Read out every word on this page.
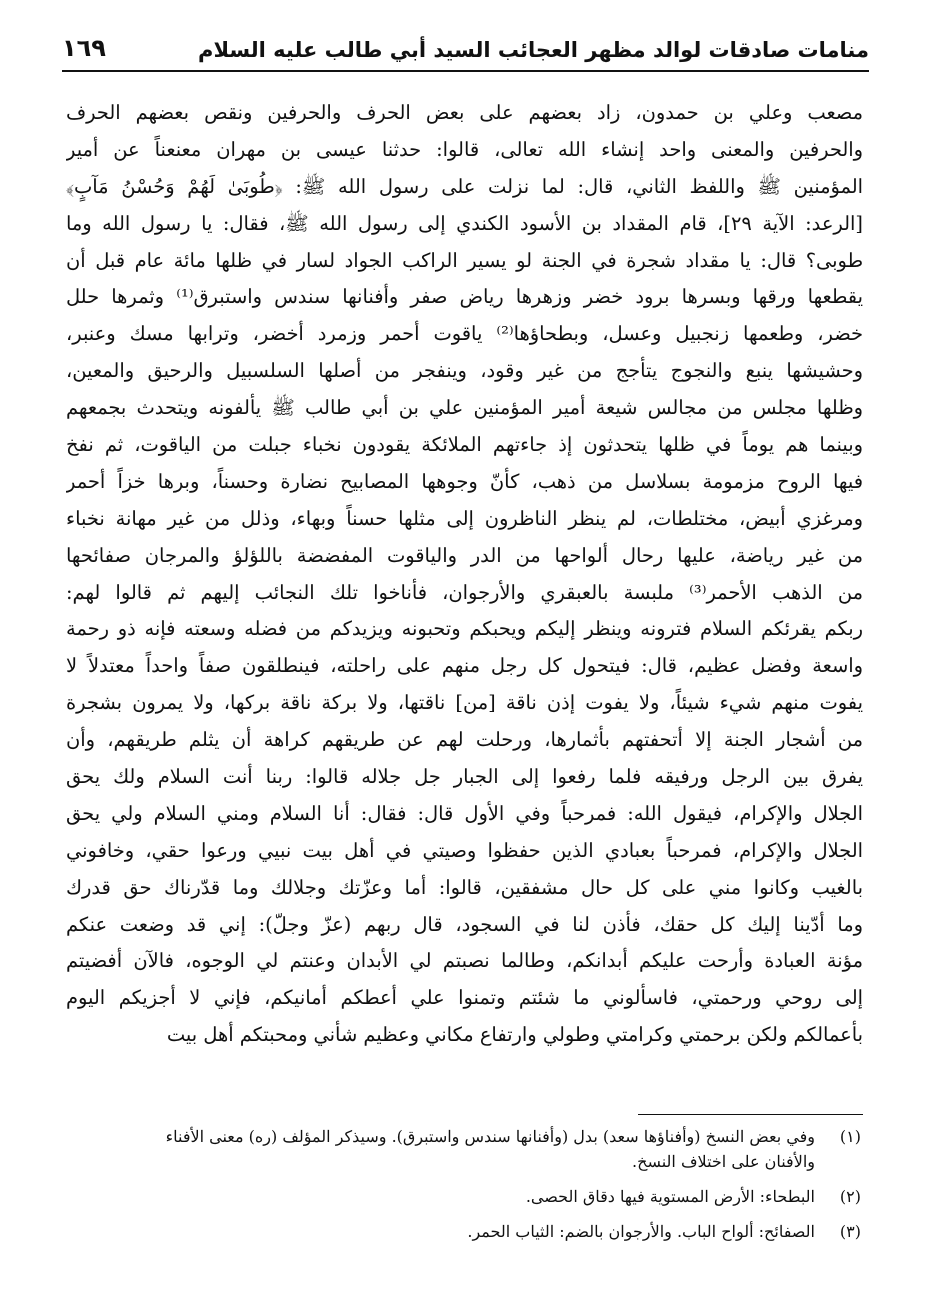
منامات صادقات لوالد مظهر العجائب السيد أبي طالب عليه السلام
١٦٩
مصعب وعلي بن حمدون، زاد بعضهم على بعض الحرف والحرفين ونقص بعضهم الحرف
والحرفين والمعنى واحد إنشاء الله تعالى، قالوا: حدثنا عيسى بن مهران معنعناً عن أمير
المؤمنين ﷺ واللفظ الثاني، قال: لما نزلت على رسول الله ﷺ: ﴿طُوبَىٰ لَهُمْ وَحُسْنُ مَآبٍ﴾
[الرعد: الآية ٢٩]، قام المقداد بن الأسود الكندي إلى رسول الله ﷺ، فقال: يا رسول الله وما
طوبى؟ قال: يا مقداد شجرة في الجنة لو يسير الراكب الجواد لسار في ظلها مائة عام قبل أن
يقطعها ورقها وبسرها برود خضر وزهرها رياض صفر وأفنانها سندس واستبرق⁽¹⁾ وثمرها حلل
خضر، وطعمها زنجبيل وعسل، وبطحاؤها⁽²⁾ ياقوت أحمر وزمرد أخضر، وترابها مسك وعنبر،
وحشيشها ينبع والنجوج يتأجج من غير وقود، وينفجر من أصلها السلسبيل والرحيق والمعين،
وظلها مجلس من مجالس شيعة أمير المؤمنين علي بن أبي طالب ﷺ يألفونه ويتحدث بجمعهم
وبينما هم يوماً في ظلها يتحدثون إذ جاءتهم الملائكة يقودون نخباء جبلت من الياقوت، ثم نفخ
فيها الروح مزمومة بسلاسل من ذهب، كأنّ وجوهها المصابيح نضارة وحسناً، وبرها خزاً أحمر
ومرغزي أبيض، مختلطات، لم ينظر الناظرون إلى مثلها حسناً وبهاء، وذلل من غير مهانة نخباء
من غير رياضة، عليها رحال ألواحها من الدر والياقوت المفضضة باللؤلؤ والمرجان صفائحها
من الذهب الأحمر⁽³⁾ ملبسة بالعبقري والأرجوان، فأناخوا تلك النجائب إليهم ثم قالوا لهم:
ربكم يقرئكم السلام فترونه وينظر إليكم ويحبكم وتحبونه ويزيدكم من فضله وسعته فإنه ذو رحمة
واسعة وفضل عظيم، قال: فيتحول كل رجل منهم على راحلته، فينطلقون صفاً واحداً معتدلاً لا
يفوت منهم شيء شيئاً، ولا يفوت إذن ناقة [من] ناقتها، ولا بركة ناقة بركها، ولا يمرون بشجرة
من أشجار الجنة إلا أتحفتهم بأثمارها، ورحلت لهم عن طريقهم كراهة أن يثلم طريقهم، وأن
يفرق بين الرجل ورفيقه فلما رفعوا إلى الجبار جل جلاله قالوا: ربنا أنت السلام ولك يحق
الجلال والإكرام، فيقول الله: فمرحباً وفي الأول قال: فقال: أنا السلام ومني السلام ولي يحق
الجلال والإكرام، فمرحباً بعبادي الذين حفظوا وصيتي في أهل بيت نبيي ورعوا حقي، وخافوني
بالغيب وكانوا مني على كل حال مشفقين، قالوا: أما وعزّتك وجلالك وما قدّرناك حق قدرك
وما أدّينا إليك كل حقك، فأذن لنا في السجود، قال ربهم (عزّ وجلّ): إني قد وضعت عنكم
مؤنة العبادة وأرحت عليكم أبدانكم، وطالما نصبتم لي الأبدان وعنتم لي الوجوه، فالآن أفضيتم
إلى روحي ورحمتي، فاسألوني ما شئتم وتمنوا علي أعطكم أمانيكم، فإني لا أجزيكم اليوم
بأعمالكم ولكن برحمتي وكرامتي وطولي وارتفاع مكاني وعظيم شأني ومحبتكم أهل بيت
(١)
وفي بعض النسخ (وأفناؤها سعد) بدل (وأفنانها سندس واستبرق). وسيذكر المؤلف (ره) معنى الأفناء
والأفنان على اختلاف النسخ.
(٢)
البطحاء: الأرض المستوية فيها دقاق الحصى.
(٣)
الصفائح: ألواح الباب. والأرجوان بالضم: الثياب الحمر.
